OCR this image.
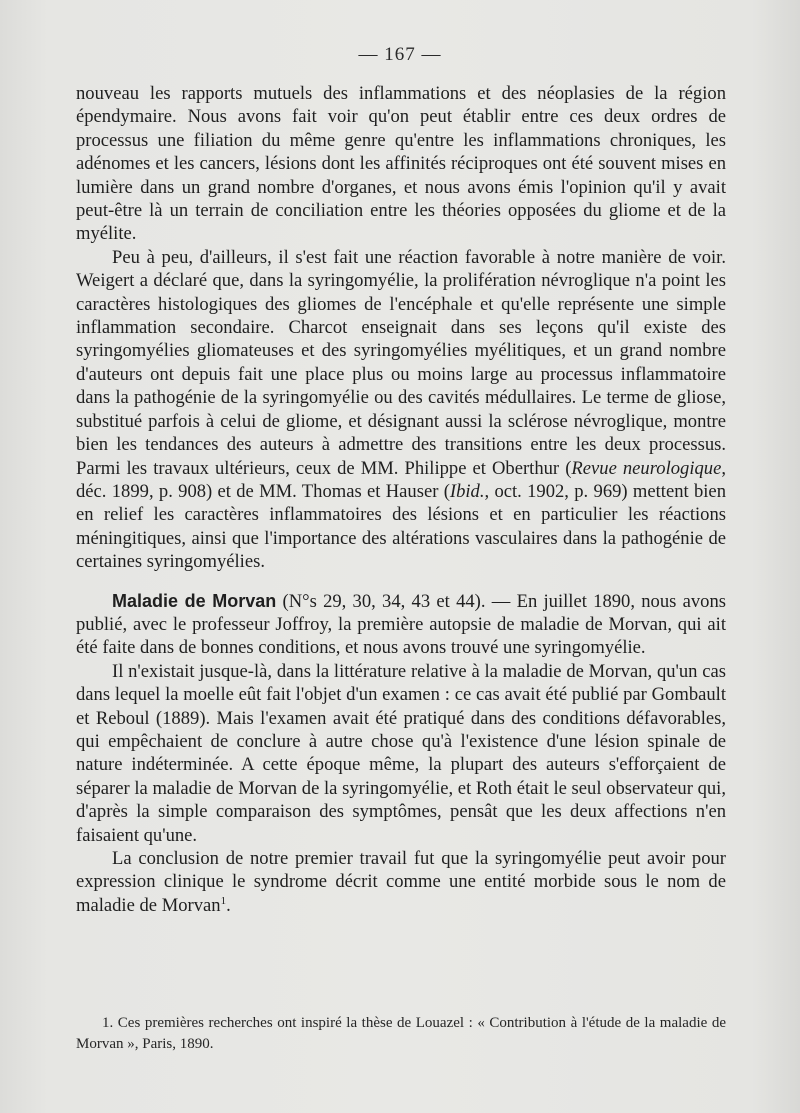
— 167 —

nouveau les rapports mutuels des inflammations et des néoplasies de la région épendymaire. Nous avons fait voir qu'on peut établir entre ces deux ordres de processus une filiation du même genre qu'entre les inflammations chroniques, les adénomes et les cancers, lésions dont les affinités réciproques ont été souvent mises en lumière dans un grand nombre d'organes, et nous avons émis l'opinion qu'il y avait peut-être là un terrain de conciliation entre les théories opposées du gliome et de la myélite.

Peu à peu, d'ailleurs, il s'est fait une réaction favorable à notre manière de voir. Weigert a déclaré que, dans la syringomyélie, la prolifération névroglique n'a point les caractères histologiques des gliomes de l'encéphale et qu'elle représente une simple inflammation secondaire. Charcot enseignait dans ses leçons qu'il existe des syringomyélies gliomateuses et des syringomyélies myélitiques, et un grand nombre d'auteurs ont depuis fait une place plus ou moins large au processus inflammatoire dans la pathogénie de la syringomyélie ou des cavités médullaires. Le terme de gliose, substitué parfois à celui de gliome, et désignant aussi la sclérose névroglique, montre bien les tendances des auteurs à admettre des transitions entre les deux processus. Parmi les travaux ultérieurs, ceux de MM. Philippe et Oberthur (Revue neurologique, déc. 1899, p. 908) et de MM. Thomas et Hauser (Ibid., oct. 1902, p. 969) mettent bien en relief les caractères inflammatoires des lésions et en particulier les réactions méningitiques, ainsi que l'importance des altérations vasculaires dans la pathogénie de certaines syringomyélies.

Maladie de Morvan (N°s 29, 30, 34, 43 et 44). — En juillet 1890, nous avons publié, avec le professeur Joffroy, la première autopsie de maladie de Morvan, qui ait été faite dans de bonnes conditions, et nous avons trouvé une syringomyélie.

Il n'existait jusque-là, dans la littérature relative à la maladie de Morvan, qu'un cas dans lequel la moelle eût fait l'objet d'un examen : ce cas avait été publié par Gombault et Reboul (1889). Mais l'examen avait été pratiqué dans des conditions défavorables, qui empêchaient de conclure à autre chose qu'à l'existence d'une lésion spinale de nature indéterminée. A cette époque même, la plupart des auteurs s'efforçaient de séparer la maladie de Morvan de la syringomyélie, et Roth était le seul observateur qui, d'après la simple comparaison des symptômes, pensât que les deux affections n'en faisaient qu'une.

La conclusion de notre premier travail fut que la syringomyélie peut avoir pour expression clinique le syndrome décrit comme une entité morbide sous le nom de maladie de Morvan$^1$.

1. Ces premières recherches ont inspiré la thèse de Louazel : « Contribution à l'étude de la maladie de Morvan », Paris, 1890.
